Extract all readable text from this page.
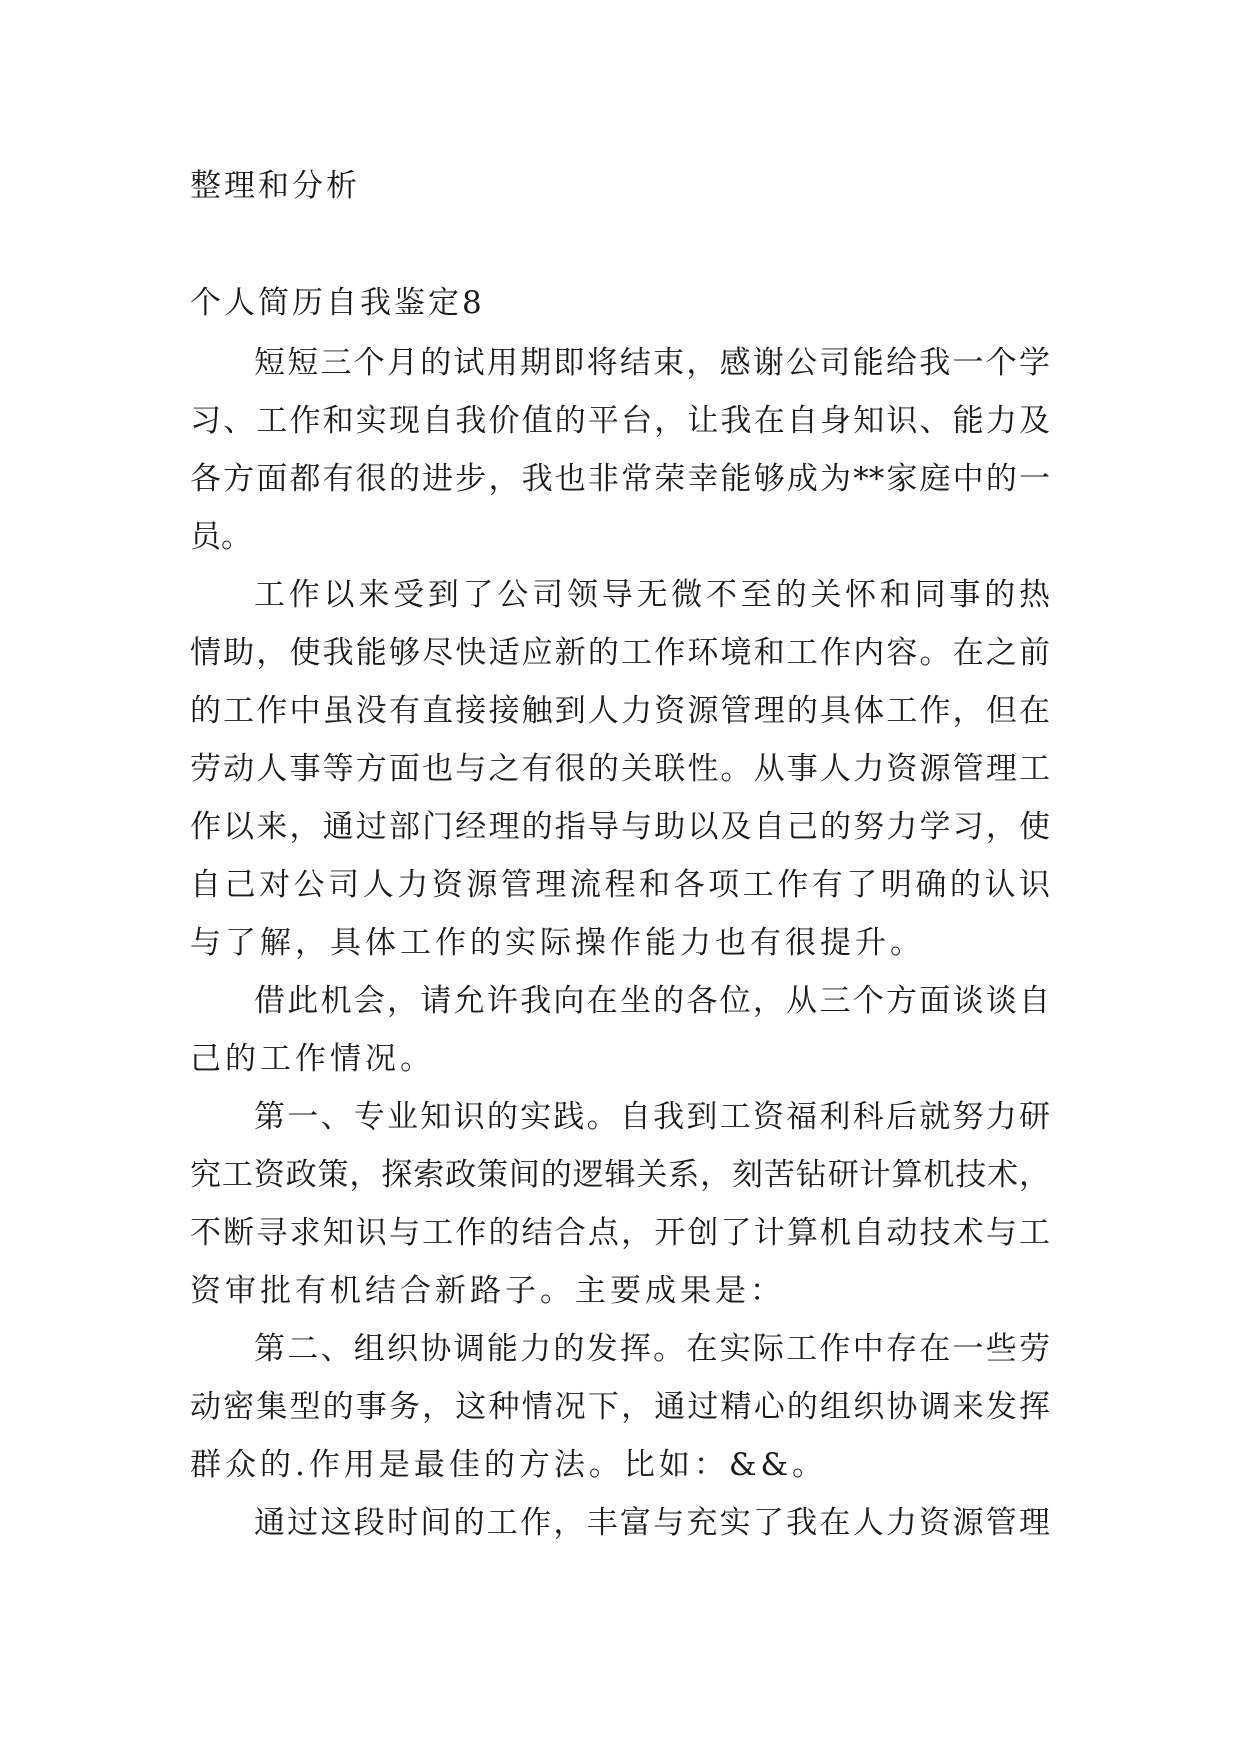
整理和分析
个人简历自我鉴定8
短短三个月的试用期即将结束，感谢公司能给我一个学
习、工作和实现自我价值的平台，让我在自身知识、能力及
各方面都有很的进步，我也非常荣幸能够成为**家庭中的一
员。
工作以来受到了公司领导无微不至的关怀和同事的热
情助，使我能够尽快适应新的工作环境和工作内容。在之前
的工作中虽没有直接接触到人力资源管理的具体工作，但在
劳动人事等方面也与之有很的关联性。从事人力资源管理工
作以来，通过部门经理的指导与助以及自己的努力学习，使
自己对公司人力资源管理流程和各项工作有了明确的认识
与了解，具体工作的实际操作能力也有很提升。
借此机会，请允许我向在坐的各位，从三个方面谈谈自
己的工作情况。
第一、专业知识的实践。自我到工资福利科后就努力研
究工资政策，探索政策间的逻辑关系，刻苦钻研计算机技术，
不断寻求知识与工作的结合点，开创了计算机自动技术与工
资审批有机结合新路子。主要成果是：
第二、组织协调能力的发挥。在实际工作中存在一些劳
动密集型的事务，这种情况下，通过精心的组织协调来发挥
群众的.作用是最佳的方法。比如：&&。
通过这段时间的工作，丰富与充实了我在人力资源管理
